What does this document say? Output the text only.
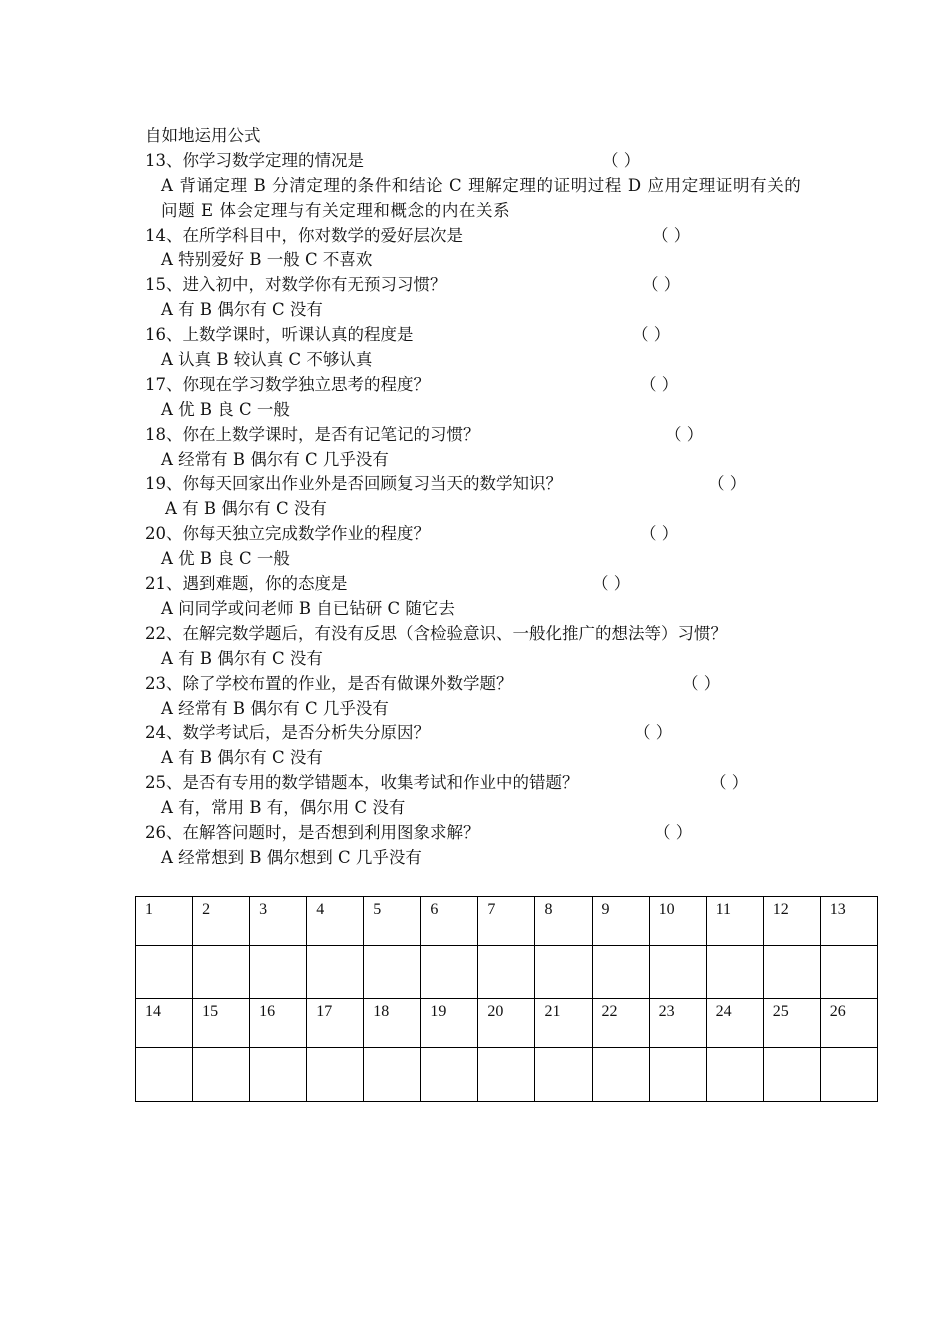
自如地运用公式
13、你学习数学定理的情况是	（ ）
A 背诵定理 B 分清定理的条件和结论 C 理解定理的证明过程 D 应用定理证明有关的问题 E 体会定理与有关定理和概念的内在关系
14、在所学科目中，你对数学的爱好层次是	（ ）
A 特别爱好 B 一般 C 不喜欢
15、进入初中，对数学你有无预习习惯？	（ ）
A 有 B 偶尔有 C 没有
16、上数学课时，听课认真的程度是	（ ）
A 认真 B 较认真 C 不够认真
17、你现在学习数学独立思考的程度？	（ ）
A 优 B 良 C 一般
18、你在上数学课时，是否有记笔记的习惯？	（ ）
A 经常有 B 偶尔有 C 几乎没有
19、你每天回家出作业外是否回顾复习当天的数学知识？	（ ）
A 有 B 偶尔有 C 没有
20、你每天独立完成数学作业的程度？	（ ）
A 优 B 良 C 一般
21、遇到难题，你的态度是	（ ）
A 问同学或问老师 B 自已钻研 C 随它去
22、在解完数学题后，有没有反思（含检验意识、一般化推广的想法等）习惯？
A 有 B 偶尔有 C 没有
23、除了学校布置的作业，是否有做课外数学题？	（ ）
A 经常有 B 偶尔有 C 几乎没有
24、数学考试后，是否分析失分原因？	（ ）
A 有 B 偶尔有 C 没有
25、是否有专用的数学错题本，收集考试和作业中的错题？	（ ）
A 有，常用 B 有，偶尔用 C 没有
26、在解答问题时，是否想到利用图象求解？	（ ）
A 经常想到 B 偶尔想到 C 几乎没有
1	2	3	4	5	6	7	8	9	10	11	12	13

14	15	16	17	18	19	20	21	22	23	24	25	26
